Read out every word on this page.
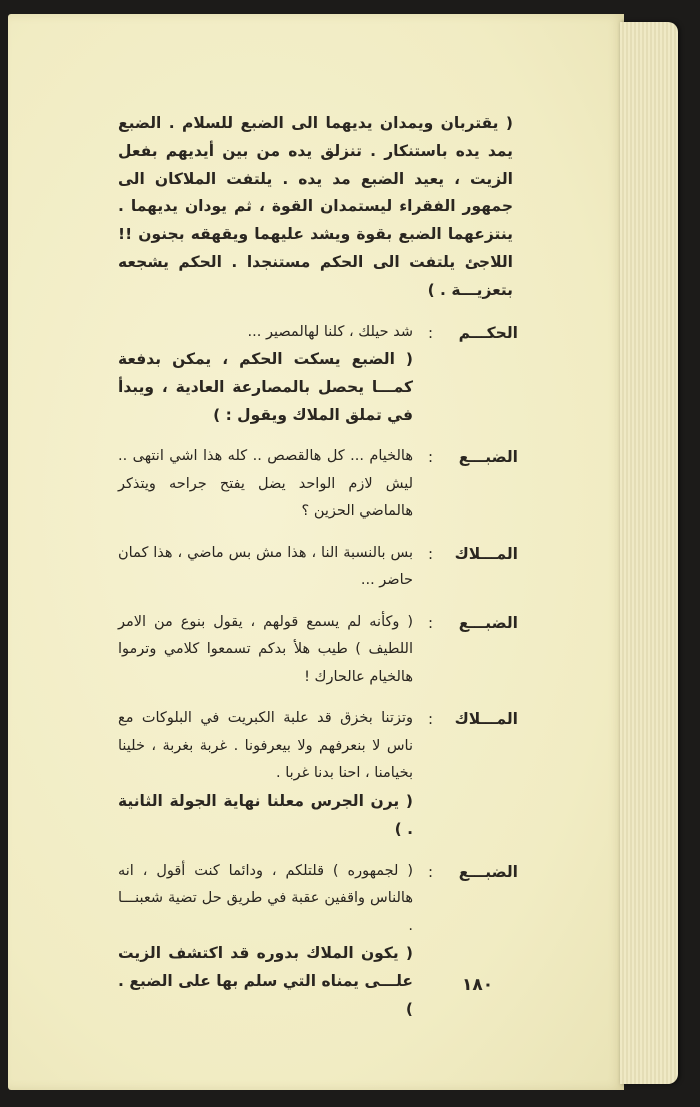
( يقتربان ويمدان يديهما الى الضبع للسلام . الضبع يمد يده باستنكار . تنزلق يده من بين أيديهم بفعل الزيت ، يعيد الضبع مد يده . يلتفت الملاكان الى جمهور الفقراء ليستمدان القوة ، ثم يودان يديهما . ينتزعهما الضبع بقوة ويشد عليهما ويقهقه بجنون !! اللاجئ يلتفت الى الحكم مستنجدا . الحكم يشجعه بتعزيـــة . )
الحكـــم
:
شد حيلك ، كلنا لهالمصير ...
( الضبع يسكت الحكم ، يمكن بدفعة كمـــا يحصل بالمصارعة العادية ، ويبدأ في تملق الملاك ويقول : )
الضبـــع
:
هالخيام ... كل هالقصص .. كله هذا اشي انتهى .. ليش لازم الواحد يضل يفتح جراحه ويتذكر هالماضي الحزين ؟
المـــلاك
:
بس بالنسبة النا ، هذا مش بس ماضي ، هذا كمان حاضر ...
الضبـــع
:
( وكأنه لم يسمع قولهم ، يقول بنوع من الامر اللطيف ) طيب هلأ بدكم تسمعوا كلامي وترموا هالخيام عالحارك !
المـــلاك
:
وتزتنا بخزق قد علبة الكبريت في البلوكات مع ناس لا بنعرفهم ولا بيعرفونا . غربة بغربة ، خلينا بخيامنا ، احنا بدنا غربا .
( يرن الجرس معلنا نهاية الجولة الثانية . )
الضبـــع
:
( لجمهوره ) قلتلكم ، ودائما كنت أقول ، انه هالناس واقفين عقبة في طريق حل تضية شعبنـــا .
( يكون الملاك بدوره قد اكتشف الزيت علـــى يمناه التي سلم بها على الضبع . )
١٨٠
